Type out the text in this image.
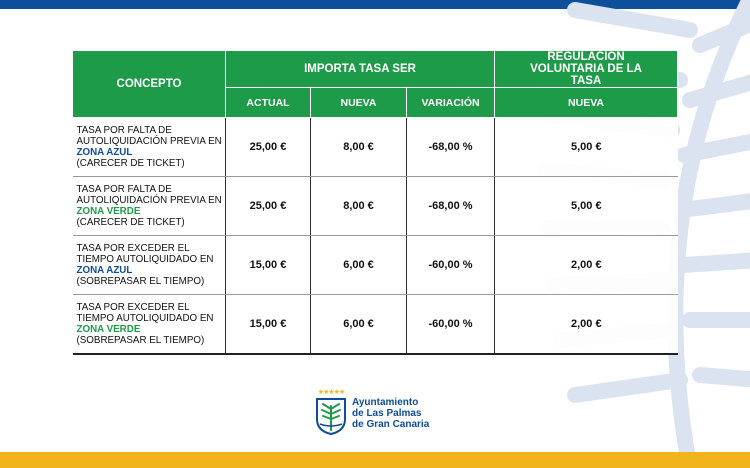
CONCEPTO	IMPORTA TASA SER			REGULACIÓN VOLUNTARIA DE LA TASA
	ACTUAL	NUEVA	VARIACIÓN	NUEVA
TASA POR FALTA DE AUTOLIQUIDACIÓN PREVIA EN ZONA AZUL
(CARECER DE TICKET)	25,00 €	8,00 €	-68,00 %	5,00 €
TASA POR FALTA DE AUTOLIQUIDACIÓN PREVIA EN ZONA VERDE
(CARECER DE TICKET)	25,00 €	8,00 €	-68,00 %	5,00 €
TASA POR EXCEDER EL TIEMPO AUTOLIQUIDADO EN ZONA AZUL
(SOBREPASAR EL TIEMPO)	15,00 €	6,00 €	-60,00 %	2,00 €
TASA POR EXCEDER EL TIEMPO AUTOLIQUIDADO EN ZONA VERDE
(SOBREPASAR EL TIEMPO)	15,00 €	6,00 €	-60,00 %	2,00 €
★★★★★
Ayuntamiento
de Las Palmas
de Gran Canaria
